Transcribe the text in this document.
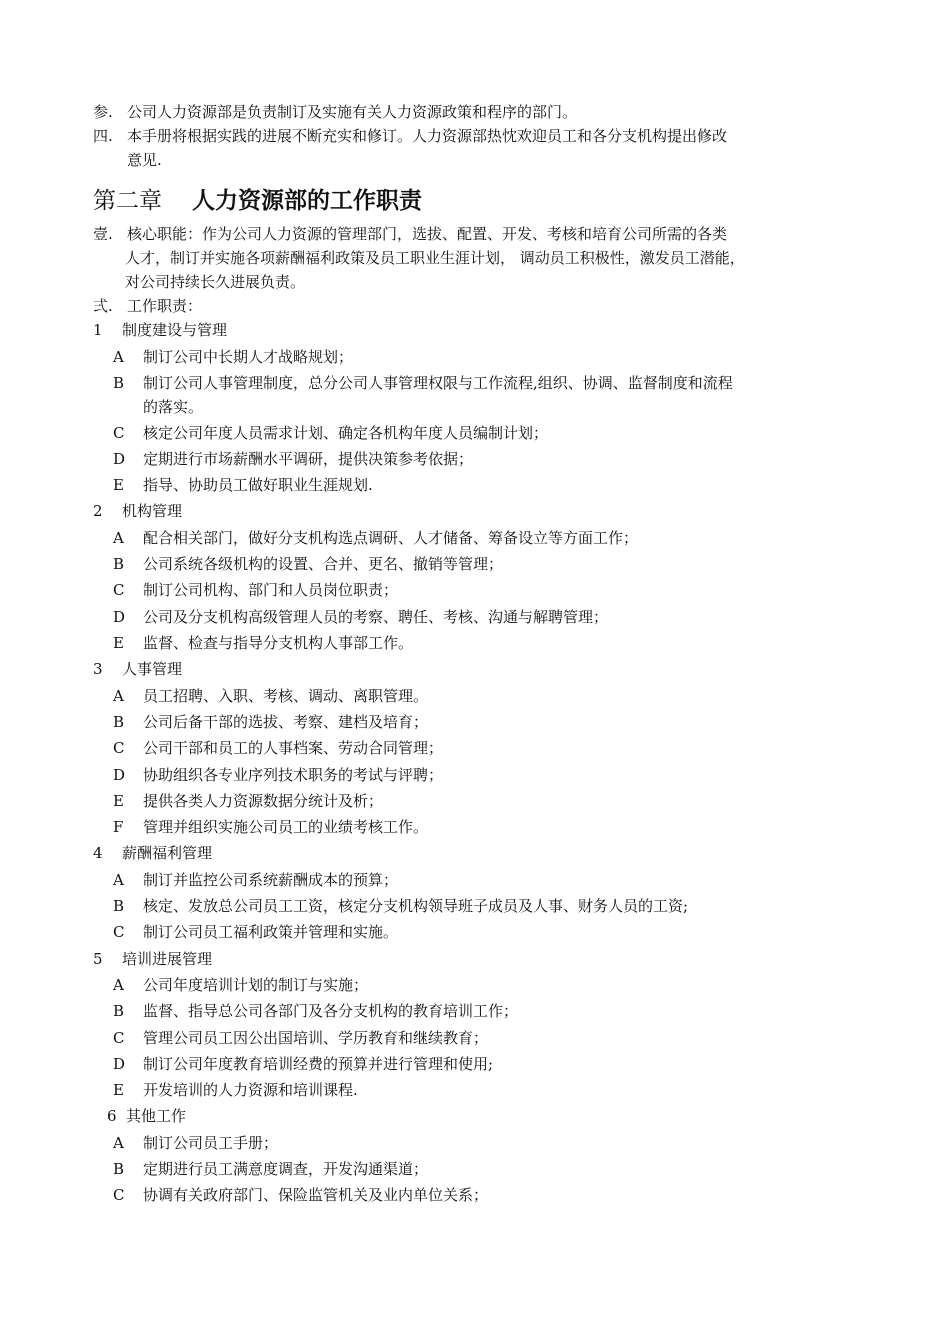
参. 公司人力资源部是负责制订及实施有关人力资源政策和程序的部门。
四. 本手册将根据实践的进展不断充实和修订。人力资源部热忱欢迎员工和各分支机构提出修改
意见.
第二章 人力资源部的工作职责
壹. 核心职能：作为公司人力资源的管理部门，选拔、配置、开发、考核和培育公司所需的各类
人才，制订并实施各项薪酬福利政策及员工职业生涯计划， 调动员工积极性，激发员工潜能，
对公司持续长久进展负责。
弍. 工作职责：
1 制度建设与管理
A 制订公司中长期人才战略规划；
B 制订公司人事管理制度，总分公司人事管理权限与工作流程,组织、协调、监督制度和流程
的落实。
C 核定公司年度人员需求计划、确定各机构年度人员编制计划；
D 定期进行市场薪酬水平调研，提供决策参考依据；
E 指导、协助员工做好职业生涯规划.
2 机构管理
A 配合相关部门，做好分支机构选点调研、人才储备、筹备设立等方面工作；
B 公司系统各级机构的设置、合并、更名、撤销等管理；
C 制订公司机构、部门和人员岗位职责；
D 公司及分支机构高级管理人员的考察、聘任、考核、沟通与解聘管理；
E 监督、检查与指导分支机构人事部工作。
3 人事管理
A 员工招聘、入职、考核、调动、离职管理。
B 公司后备干部的选拔、考察、建档及培育；
C 公司干部和员工的人事档案、劳动合同管理；
D 协助组织各专业序列技术职务的考试与评聘；
E 提供各类人力资源数据分统计及析；
F 管理并组织实施公司员工的业绩考核工作。
4 薪酬福利管理
A 制订并监控公司系统薪酬成本的预算；
B 核定、发放总公司员工工资，核定分支机构领导班子成员及人事、财务人员的工资;
C 制订公司员工福利政策并管理和实施。
5 培训进展管理
A 公司年度培训计划的制订与实施；
B 监督、指导总公司各部门及各分支机构的教育培训工作；
C 管理公司员工因公出国培训、学历教育和继续教育；
D 制订公司年度教育培训经费的预算并进行管理和使用;
E 开发培训的人力资源和培训课程.
6 其他工作
A 制订公司员工手册；
B 定期进行员工满意度调查，开发沟通渠道；
C 协调有关政府部门、保险监管机关及业内单位关系；
